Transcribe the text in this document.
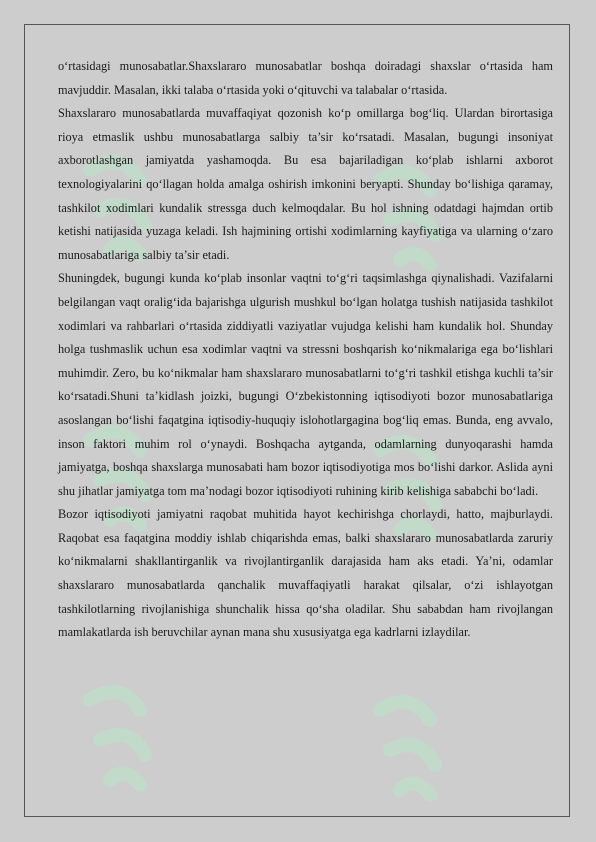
o‘rtasidagi munosabatlar.Shaxslararo munosabatlar boshqa doiradagi shaxslar o‘rtasida ham mavjuddir. Masalan, ikki talaba o‘rtasida yoki o‘qituvchi va talabalar o‘rtasida.

Shaxslararo munosabatlarda muvaffaqiyat qozonish ko‘p omillarga bog‘liq. Ulardan birortasiga rioya etmaslik ushbu munosabatlarga salbiy ta’sir ko‘rsatadi. Masalan, bugungi insoniyat axborotlashgan jamiyatda yashamoqda. Bu esa bajariladigan ko‘plab ishlarni axborot texnologiyalarini qo‘llagan holda amalga oshirish imkonini beryapti. Shunday bo‘lishiga qaramay, tashkilot xodimlari kundalik stressga duch kelmoqdalar. Bu hol ishning odatdagi hajmdan ortib ketishi natijasida yuzaga keladi. Ish hajmining ortishi xodimlarning kayfiyatiga va ularning o‘zaro munosabatlariga salbiy ta’sir etadi.

Shuningdek, bugungi kunda ko‘plab insonlar vaqtni to‘g‘ri taqsimlashga qiynalishadi. Vazifalarni belgilangan vaqt oralig‘ida bajarishga ulgurish mushkul bo‘lgan holatga tushish natijasida tashkilot xodimlari va rahbarlari o‘rtasida ziddiyatli vaziyatlar vujudga kelishi ham kundalik hol. Shunday holga tushmaslik uchun esa xodimlar vaqtni va stressni boshqarish ko‘nikmalariga ega bo‘lishlari muhimdir. Zero, bu ko‘nikmalar ham shaxslararo munosabatlarni to‘g‘ri tashkil etishga kuchli ta’sir ko‘rsatadi.Shuni ta’kidlash joizki, bugungi O‘zbekistonning iqtisodiyoti bozor munosabatlariga asoslangan bo‘lishi faqatgina iqtisodiy-huquqiy islohotlargagina bog‘liq emas. Bunda, eng avvalo, inson faktori muhim rol o‘ynaydi. Boshqacha aytganda, odamlarning dunyoqarashi hamda jamiyatga, boshqa shaxslarga munosabati ham bozor iqtisodiyotiga mos bo‘lishi darkor. Aslida ayni shu jihatlar jamiyatga tom ma’nodagi bozor iqtisodiyoti ruhining kirib kelishiga sababchi bo‘ladi.

Bozor iqtisodiyoti jamiyatni raqobat muhitida hayot kechirishga chorlaydi, hatto, majburlaydi. Raqobat esa faqatgina moddiy ishlab chiqarishda emas, balki shaxslararo munosabatlarda zaruriy ko‘nikmalarni shakllantirganlik va rivojlantirganlik darajasida ham aks etadi. Ya’ni, odamlar shaxslararo munosabatlarda qanchalik muvaffaqiyatli harakat qilsalar, o‘zi ishlayotgan tashkilotlarning rivojlanishiga shunchalik hissa qo‘sha oladilar. Shu sababdan ham rivojlangan mamlakatlarda ish beruvchilar aynan mana shu xususiyatga ega kadrlarni izlaydilar.
